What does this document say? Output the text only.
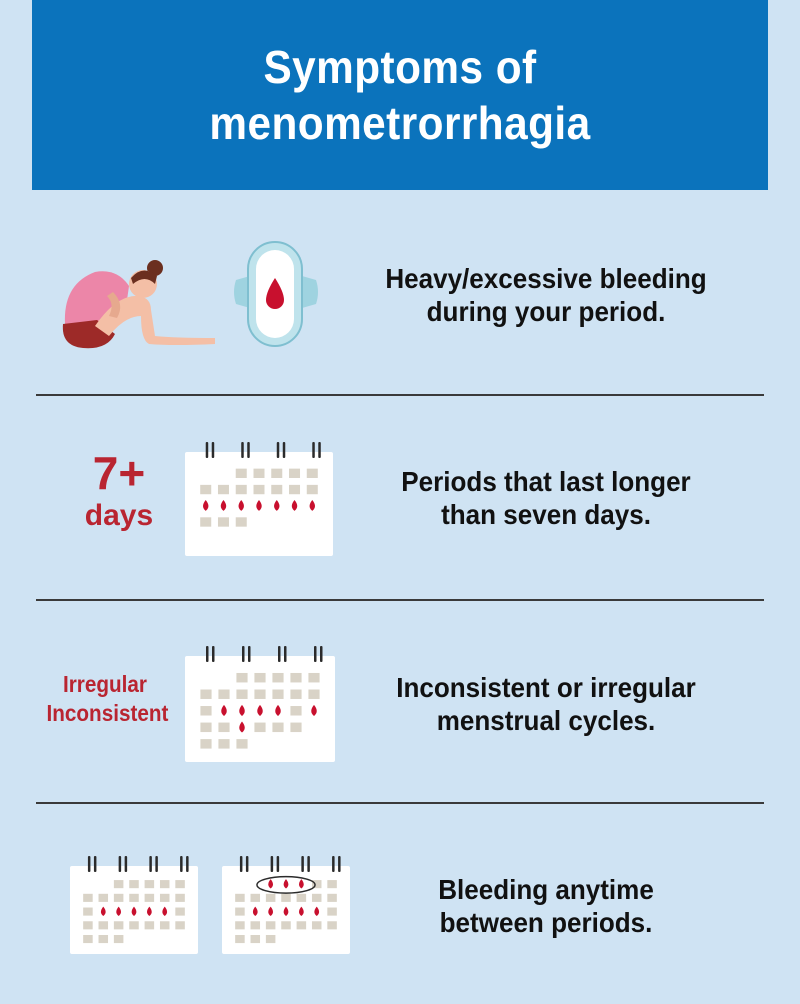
Symptoms of
menometrorrhagia
Heavy/excessive bleeding
during your period.
7+
days
Periods that last longer
than seven days.
Irregular
Inconsistent
Inconsistent or irregular
menstrual cycles.
Bleeding anytime
between periods.
